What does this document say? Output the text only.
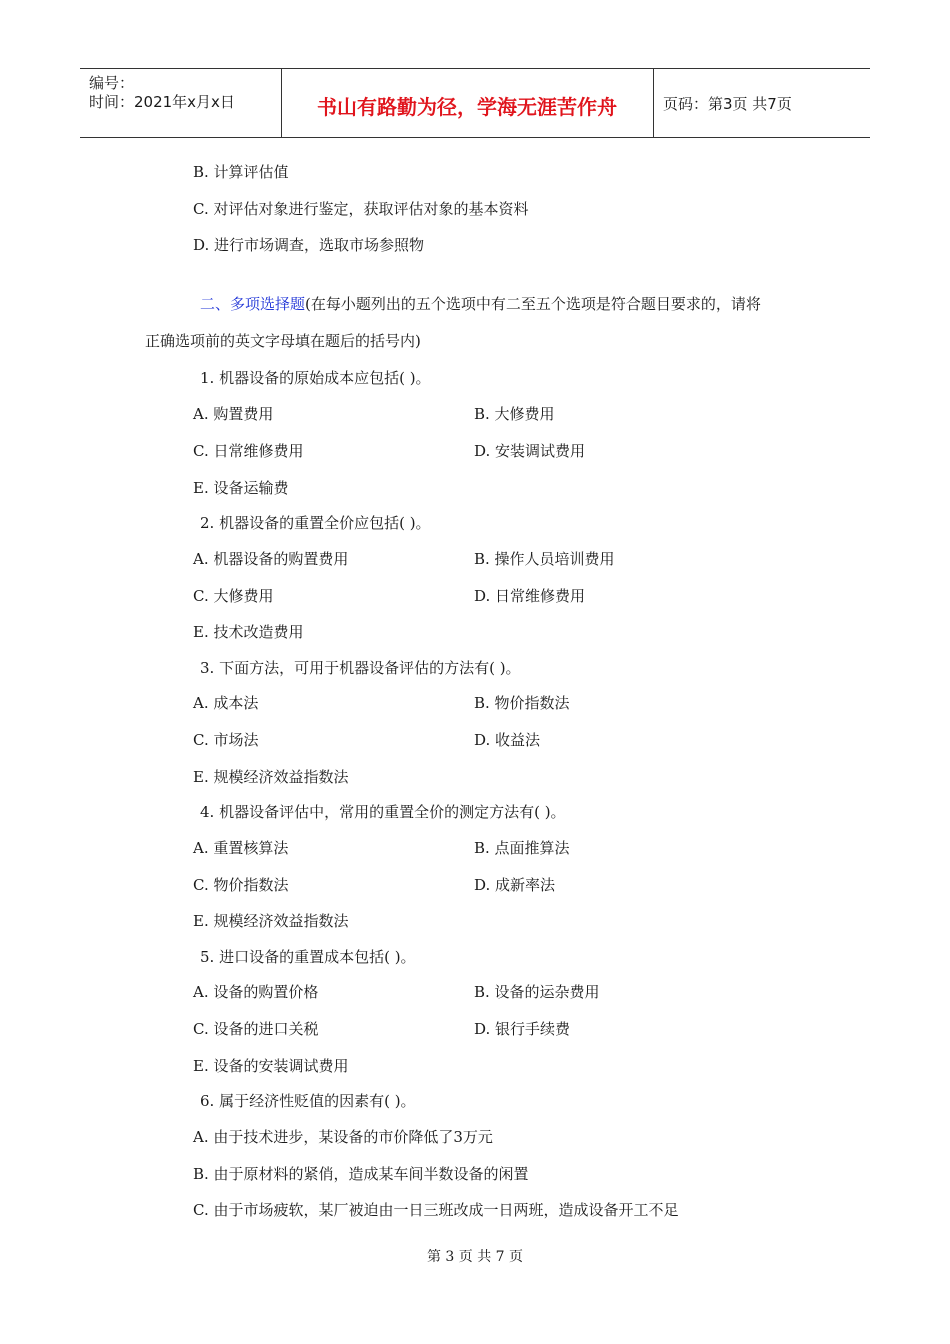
编号：
时间：2021年x月x日	书山有路勤为径，学海无涯苦作舟	页码：第3页 共7页
B. 计算评估值
C. 对评估对象进行鉴定，获取评估对象的基本资料
D. 进行市场调查，选取市场参照物
二、多项选择题(在每小题列出的五个选项中有二至五个选项是符合题目要求的，请将
正确选项前的英文字母填在题后的括号内)
1. 机器设备的原始成本应包括( )。
A. 购置费用	B. 大修费用
C. 日常维修费用	D. 安装调试费用
E. 设备运输费
2. 机器设备的重置全价应包括( )。
A. 机器设备的购置费用	B. 操作人员培训费用
C. 大修费用	D. 日常维修费用
E. 技术改造费用
3. 下面方法，可用于机器设备评估的方法有( )。
A. 成本法	B. 物价指数法
C. 市场法	D. 收益法
E. 规模经济效益指数法
4. 机器设备评估中，常用的重置全价的测定方法有( )。
A. 重置核算法	B. 点面推算法
C. 物价指数法	D. 成新率法
E. 规模经济效益指数法
5. 进口设备的重置成本包括( )。
A. 设备的购置价格	B. 设备的运杂费用
C. 设备的进口关税	D. 银行手续费
E. 设备的安装调试费用
6. 属于经济性贬值的因素有( )。
A. 由于技术进步，某设备的市价降低了3万元
B. 由于原材料的紧俏，造成某车间半数设备的闲置
C. 由于市场疲软，某厂被迫由一日三班改成一日两班，造成设备开工不足
第 3 页 共 7 页
